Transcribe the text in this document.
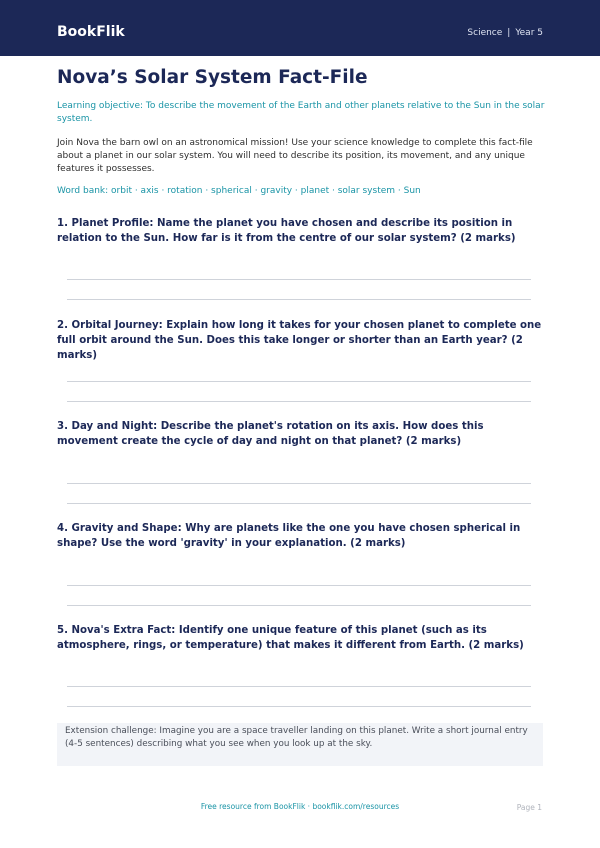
BookFlik	Science | Year 5
Nova’s Solar System Fact-File
Learning objective: To describe the movement of the Earth and other planets relative to the Sun in the solar system.
Join Nova the barn owl on an astronomical mission! Use your science knowledge to complete this fact-file about a planet in our solar system. You will need to describe its position, its movement, and any unique features it possesses.
Word bank: orbit · axis · rotation · spherical · gravity · planet · solar system · Sun
1. Planet Profile: Name the planet you have chosen and describe its position in relation to the Sun. How far is it from the centre of our solar system? (2 marks)
2. Orbital Journey: Explain how long it takes for your chosen planet to complete one full orbit around the Sun. Does this take longer or shorter than an Earth year? (2 marks)
3. Day and Night: Describe the planet's rotation on its axis. How does this movement create the cycle of day and night on that planet? (2 marks)
4. Gravity and Shape: Why are planets like the one you have chosen spherical in shape? Use the word 'gravity' in your explanation. (2 marks)
5. Nova's Extra Fact: Identify one unique feature of this planet (such as its atmosphere, rings, or temperature) that makes it different from Earth. (2 marks)
Extension challenge: Imagine you are a space traveller landing on this planet. Write a short journal entry (4-5 sentences) describing what you see when you look up at the sky.
Free resource from BookFlik · bookflik.com/resources	Page 1
